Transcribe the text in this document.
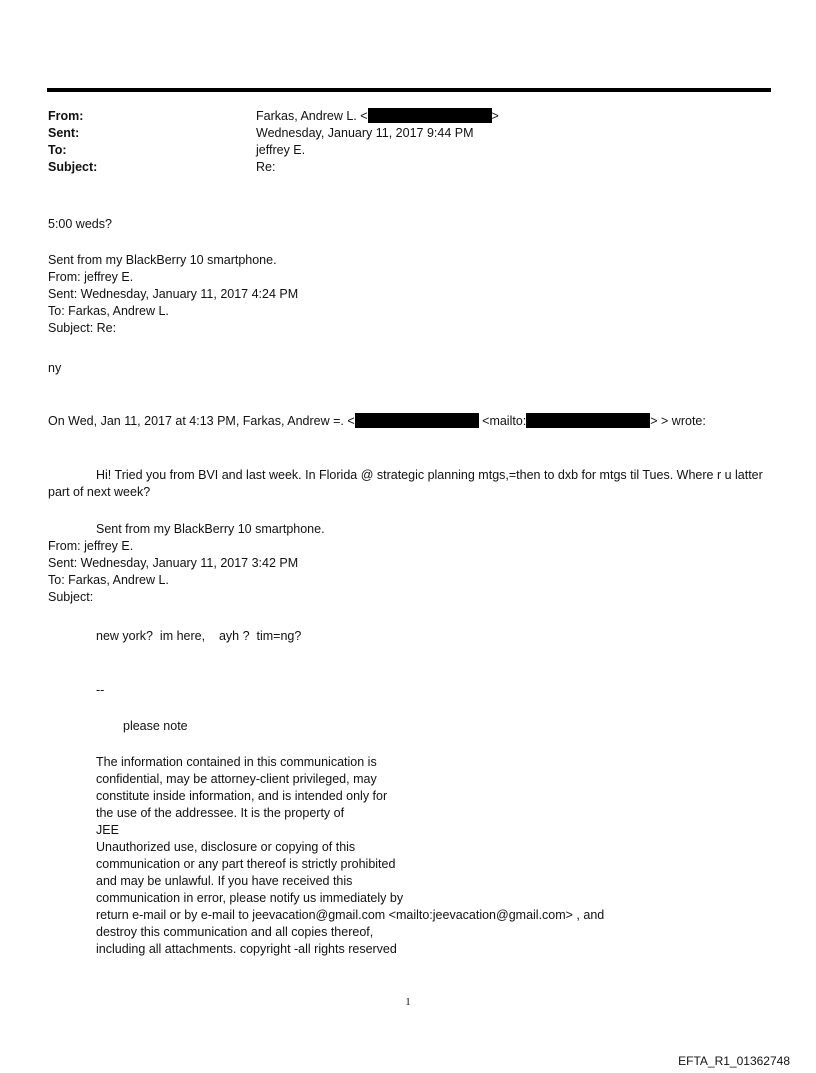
From:	Farkas, Andrew L. <	>
Sent:	Wednesday, January 11, 2017 9:44 PM
To:	jeffrey E.
Subject:	Re:
5:00 weds?
Sent from my BlackBerry 10 smartphone.
From: jeffrey E.
Sent: Wednesday, January 11, 2017 4:24 PM
To: Farkas, Andrew L.
Subject: Re:
ny
On Wed, Jan 11, 2017 at 4:13 PM, Farkas, Andrew =. <	<mailto:	> > wrote:
Hi! Tried you from BVI and last week. In Florida @ strategic planning mtgs,=then to dxb for mtgs til Tues. Where r u latter part of next week?
Sent from my BlackBerry 10 smartphone.
From: jeffrey E.
Sent: Wednesday, January 11, 2017 3:42 PM
To: Farkas, Andrew L.
Subject:
new york?  im here,    ayh ?  tim=ng?
--
please note
The information contained in this communication is
confidential, may be attorney-client privileged, may
constitute inside information, and is intended only for
the use of the addressee. It is the property of
JEE
Unauthorized use, disclosure or copying of this
communication or any part thereof is strictly prohibited
and may be unlawful. If you have received this
communication in error, please notify us immediately by
return e-mail or by e-mail to jeevacation@gmail.com <mailto:jeevacation@gmail.com> , and
destroy this communication and all copies thereof,
including all attachments. copyright -all rights reserved
1
EFTA_R1_01362748
